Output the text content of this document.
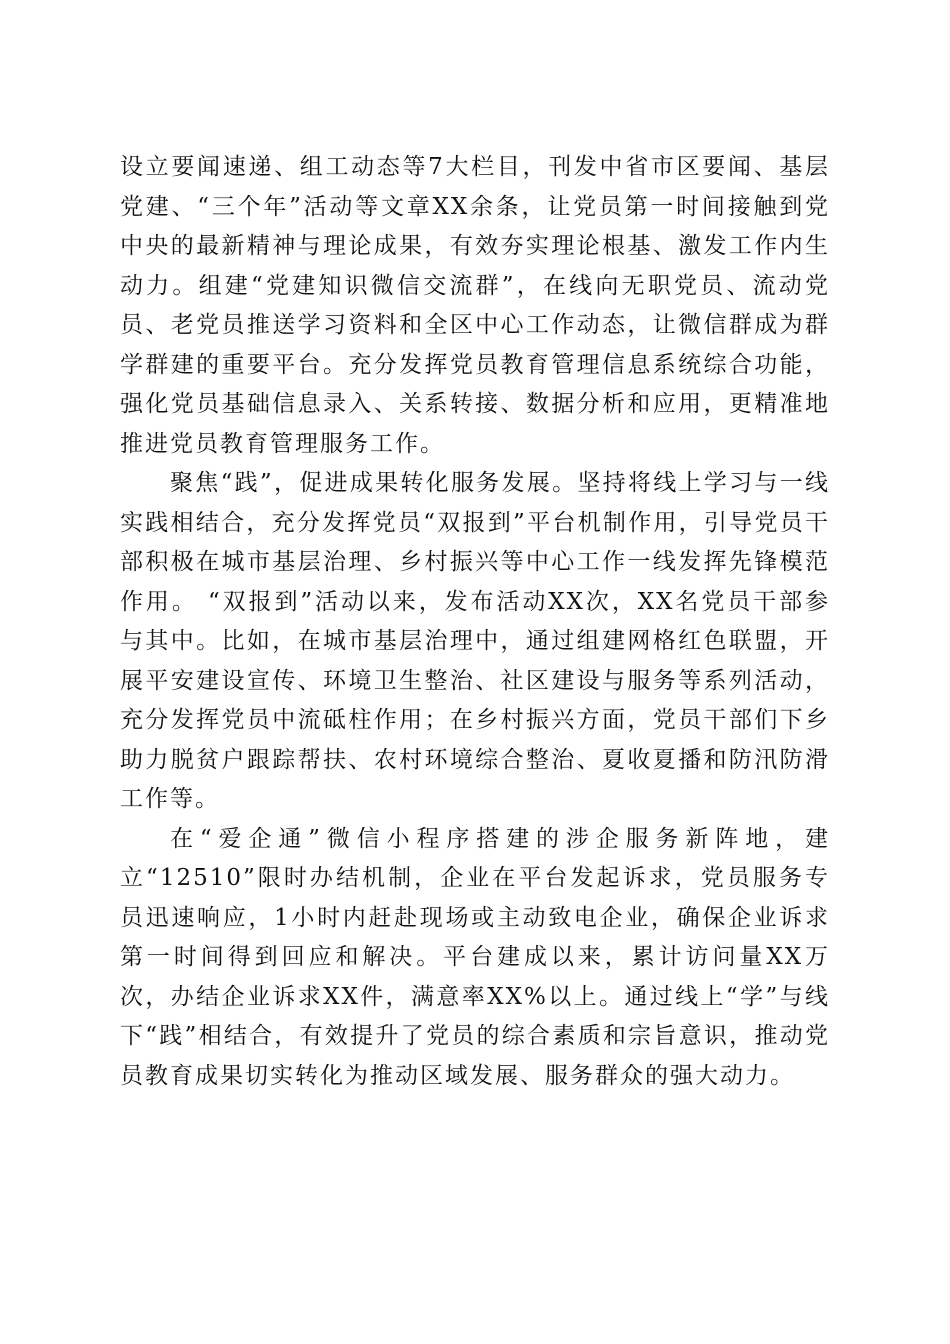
设立要闻速递、组工动态等7大栏目，刊发中省市区要闻、基层党建、“三个年”活动等文章XX余条，让党员第一时间接触到党中央的最新精神与理论成果，有效夯实理论根基、激发工作内生动力。组建“党建知识微信交流群”，在线向无职党员、流动党员、老党员推送学习资料和全区中心工作动态，让微信群成为群学群建的重要平台。充分发挥党员教育管理信息系统综合功能，强化党员基础信息录入、关系转接、数据分析和应用，更精准地推进党员教育管理服务工作。

聚焦“践”，促进成果转化服务发展。坚持将线上学习与一线实践相结合，充分发挥党员“双报到”平台机制作用，引导党员干部积极在城市基层治理、乡村振兴等中心工作一线发挥先锋模范作用。 “双报到”活动以来，发布活动XX次，XX名党员干部参与其中。比如，在城市基层治理中，通过组建网格红色联盟，开展平安建设宣传、环境卫生整治、社区建设与服务等系列活动，充分发挥党员中流砥柱作用；在乡村振兴方面，党员干部们下乡助力脱贫户跟踪帮扶、农村环境综合整治、夏收夏播和防汛防滑工作等。

在“爱企通”微信小程序搭建的涉企服务新阵地，建立“12510”限时办结机制，企业在平台发起诉求，党员服务专员迅速响应，1小时内赶赴现场或主动致电企业，确保企业诉求第一时间得到回应和解决。平台建成以来，累计访问量XX万次，办结企业诉求XX件，满意率XX%以上。通过线上“学”与线下“践”相结合，有效提升了党员的综合素质和宗旨意识，推动党员教育成果切实转化为推动区域发展、服务群众的强大动力。
